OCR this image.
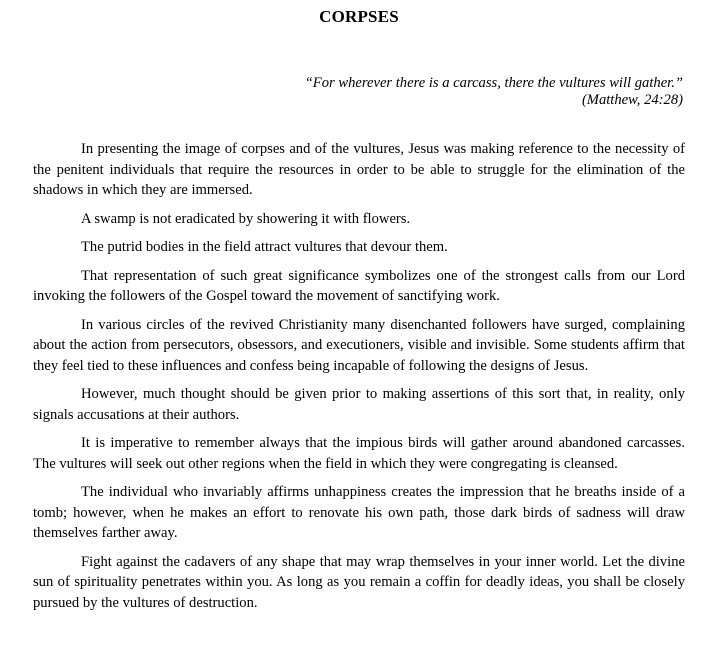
CORPSES
“For wherever there is a carcass, there the vultures will gather.”
(Matthew, 24:28)

In presenting the image of corpses and of the vultures, Jesus was making reference to the necessity of the penitent individuals that require the resources in order to be able to struggle for the elimination of the shadows in which they are immersed.

A swamp is not eradicated by showering it with flowers.

The putrid bodies in the field attract vultures that devour them.

That representation of such great significance symbolizes one of the strongest calls from our Lord invoking the followers of the Gospel toward the movement of sanctifying work.

In various circles of the revived Christianity many disenchanted followers have surged, complaining about the action from persecutors, obsessors, and executioners, visible and invisible. Some students affirm that they feel tied to these influences and confess being incapable of following the designs of Jesus.

However, much thought should be given prior to making assertions of this sort that, in reality, only signals accusations at their authors.

It is imperative to remember always that the impious birds will gather around abandoned carcasses. The vultures will seek out other regions when the field in which they were congregating is cleansed.

The individual who invariably affirms unhappiness creates the impression that he breaths inside of a tomb; however, when he makes an effort to renovate his own path, those dark birds of sadness will draw themselves farther away.

Fight against the cadavers of any shape that may wrap themselves in your inner world. Let the divine sun of spirituality penetrates within you. As long as you remain a coffin for deadly ideas, you shall be closely pursued by the vultures of destruction.
